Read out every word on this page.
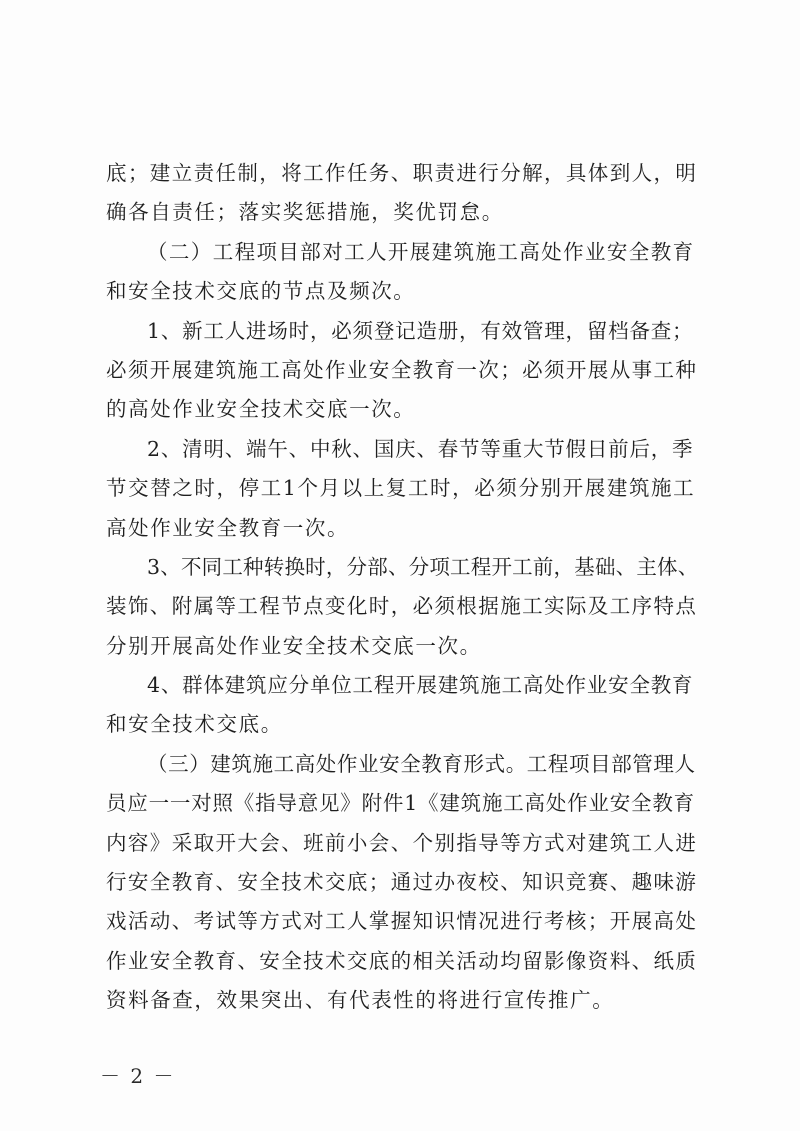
底；建立责任制，将工作任务、职责进行分解，具体到人，明
确各自责任；落实奖惩措施，奖优罚怠。
（二）工程项目部对工人开展建筑施工高处作业安全教育
和安全技术交底的节点及频次。
1、新工人进场时，必须登记造册，有效管理，留档备查；
必须开展建筑施工高处作业安全教育一次；必须开展从事工种
的高处作业安全技术交底一次。
2、清明、端午、中秋、国庆、春节等重大节假日前后，季
节交替之时，停工1个月以上复工时，必须分别开展建筑施工
高处作业安全教育一次。
3、不同工种转换时，分部、分项工程开工前，基础、主体、
装饰、附属等工程节点变化时，必须根据施工实际及工序特点
分别开展高处作业安全技术交底一次。
4、群体建筑应分单位工程开展建筑施工高处作业安全教育
和安全技术交底。
（三）建筑施工高处作业安全教育形式。工程项目部管理人
员应一一对照《指导意见》附件1《建筑施工高处作业安全教育
内容》采取开大会、班前小会、个别指导等方式对建筑工人进
行安全教育、安全技术交底；通过办夜校、知识竞赛、趣味游
戏活动、考试等方式对工人掌握知识情况进行考核；开展高处
作业安全教育、安全技术交底的相关活动均留影像资料、纸质
资料备查，效果突出、有代表性的将进行宣传推广。
－ 2 －
